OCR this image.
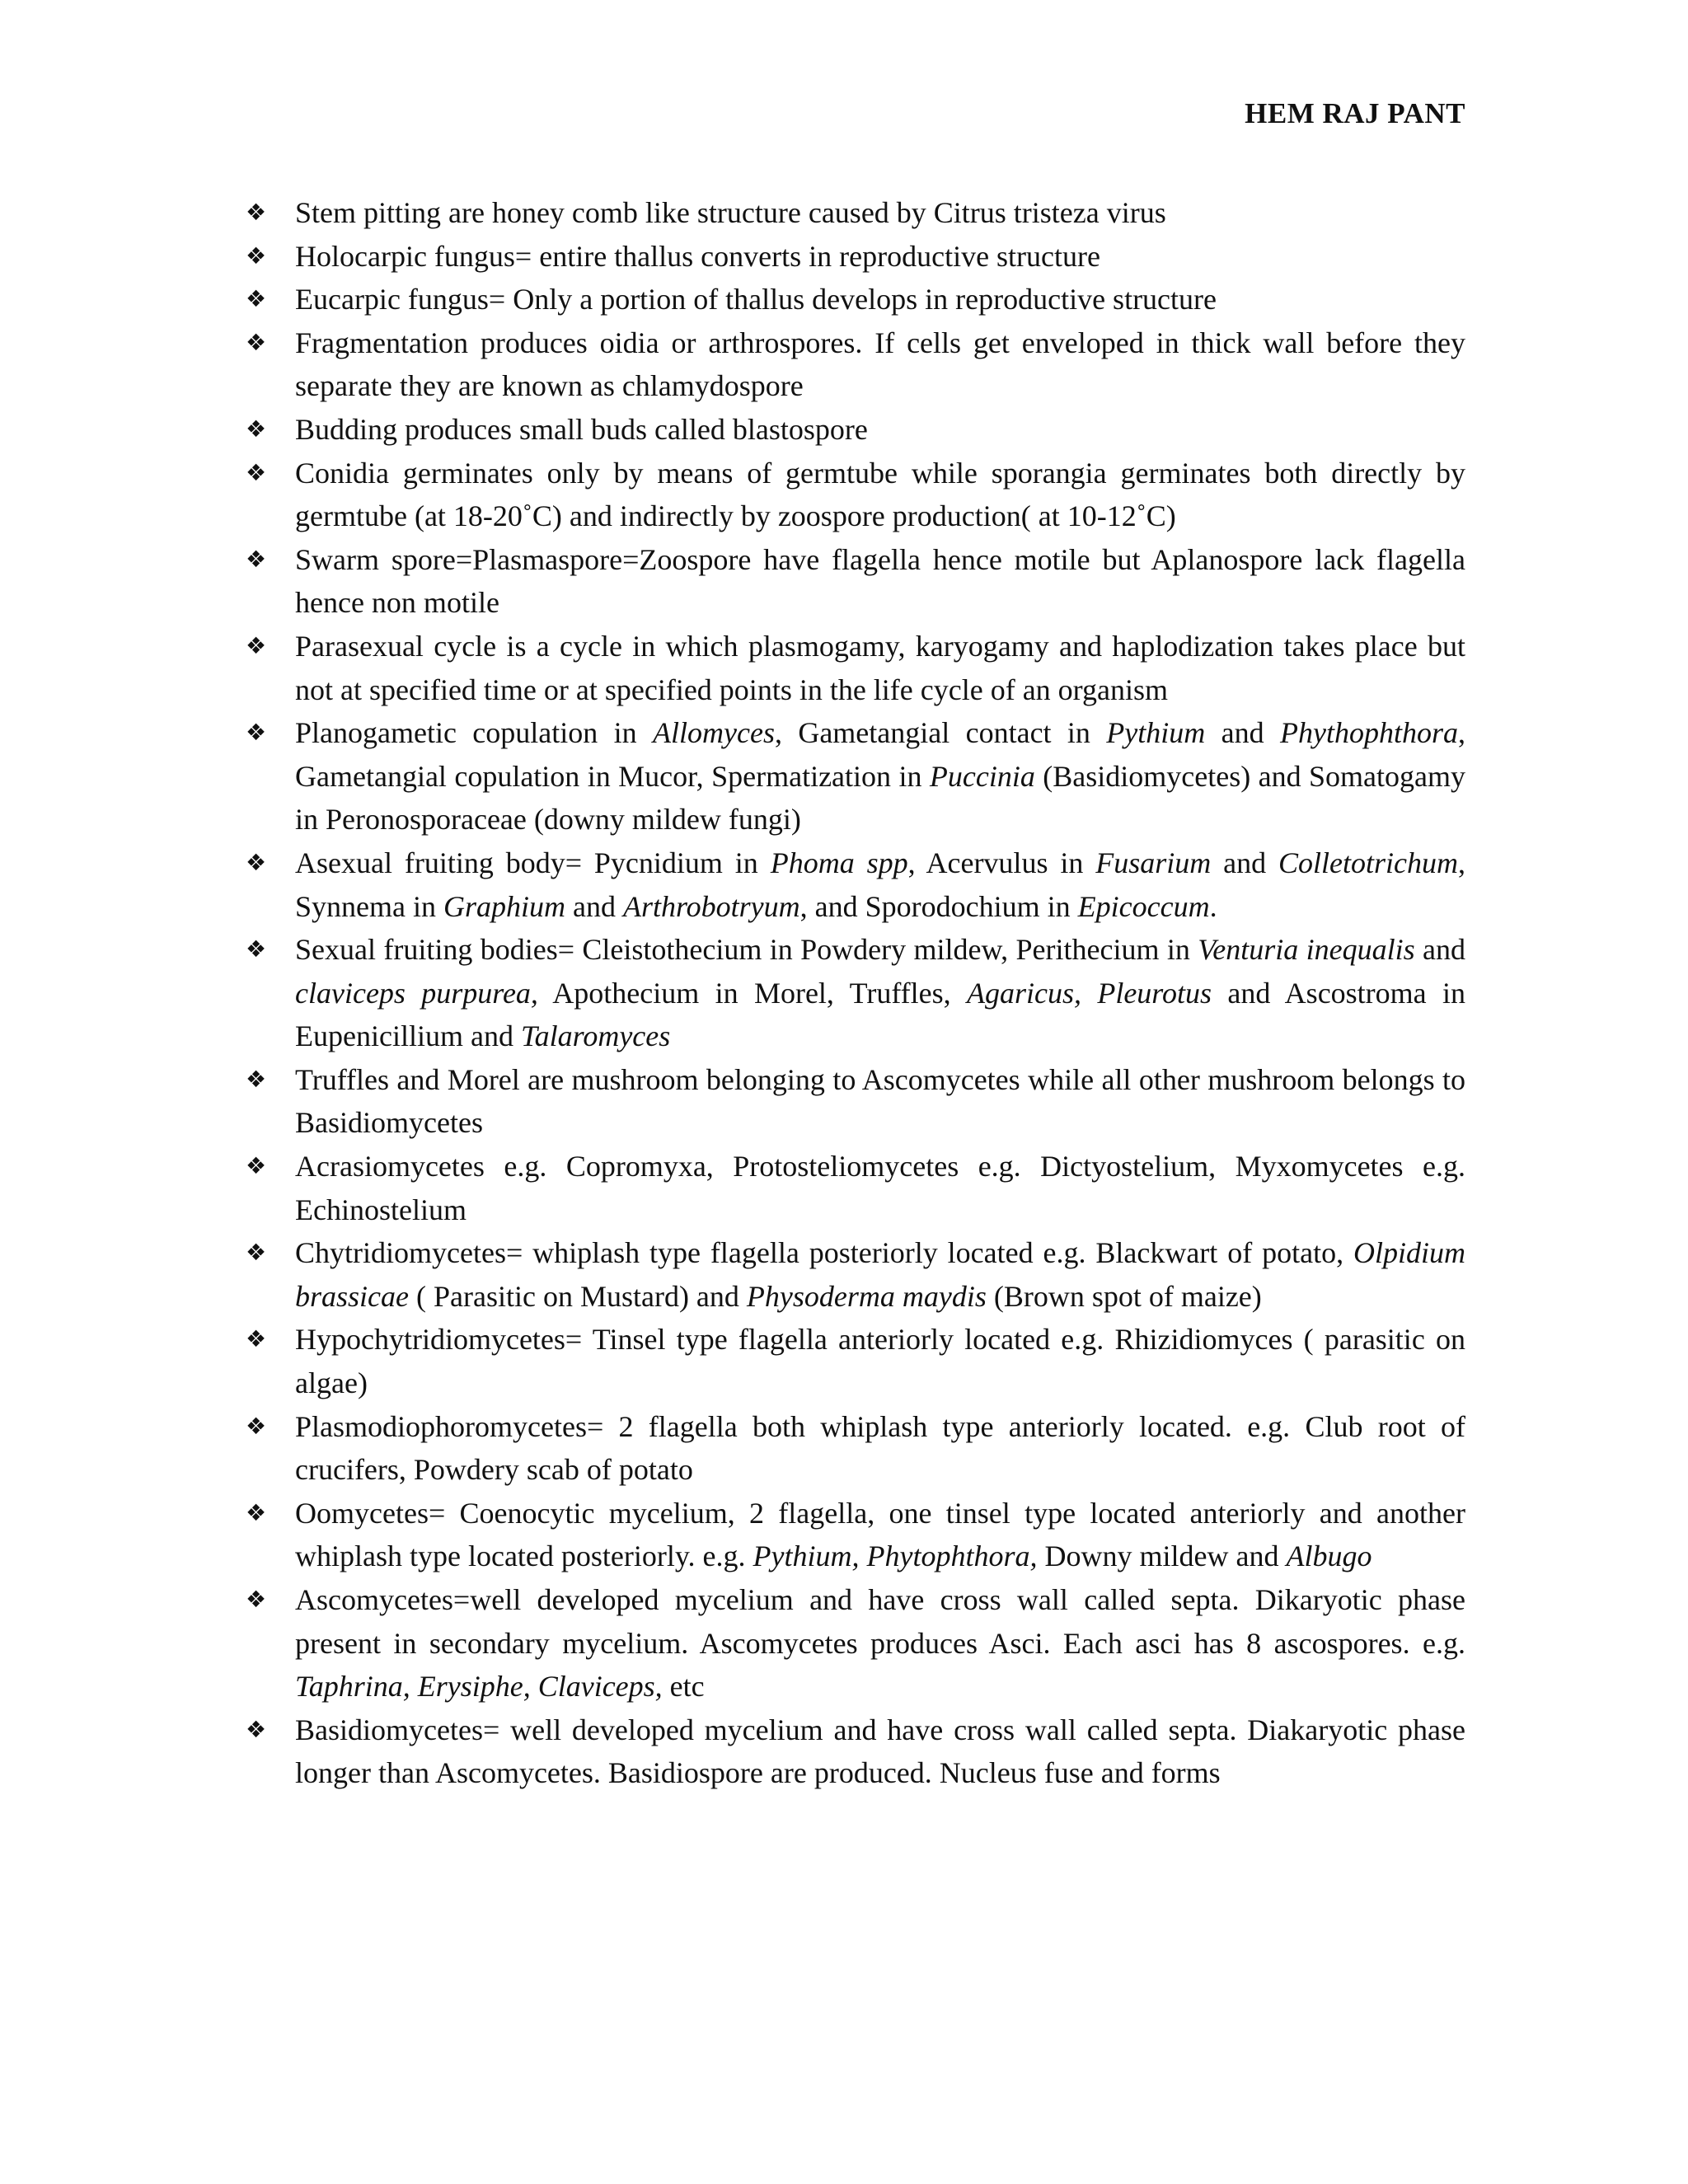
HEM RAJ PANT
❖ Stem pitting are honey comb like structure caused by Citrus tristeza virus
❖ Holocarpic fungus= entire thallus converts in reproductive structure
❖ Eucarpic fungus= Only a portion of thallus develops in reproductive structure
❖ Fragmentation produces oidia or arthrospores. If cells get enveloped in thick wall before they separate they are known as chlamydospore
❖ Budding produces small buds called blastospore
❖ Conidia germinates only by means of germtube while sporangia germinates both directly by germtube (at 18-20˚C) and indirectly by zoospore production( at 10-12˚C)
❖ Swarm spore=Plasmaspore=Zoospore have flagella hence motile but Aplanospore lack flagella hence non motile
❖ Parasexual cycle is a cycle in which plasmogamy, karyogamy and haplodization takes place but not at specified time or at specified points in the life cycle of an organism
❖ Planogametic copulation in Allomyces, Gametangial contact in Pythium and Phythophthora, Gametangial copulation in Mucor, Spermatization in Puccinia (Basidiomycetes) and Somatogamy in Peronosporaceae (downy mildew fungi)
❖ Asexual fruiting body= Pycnidium in Phoma spp, Acervulus in Fusarium and Colletotrichum, Synnema in Graphium and Arthrobotryum, and Sporodochium in Epicoccum.
❖ Sexual fruiting bodies= Cleistothecium in Powdery mildew, Perithecium in Venturia inequalis and claviceps purpurea, Apothecium in Morel, Truffles, Agaricus, Pleurotus and Ascostroma in Eupenicillium and Talaromyces
❖ Truffles and Morel are mushroom belonging to Ascomycetes while all other mushroom belongs to Basidiomycetes
❖ Acrasiomycetes e.g. Copromyxa, Protosteliomycetes e.g. Dictyostelium, Myxomycetes e.g. Echinostelium
❖ Chytridiomycetes= whiplash type flagella posteriorly located e.g. Blackwart of potato, Olpidium brassicae ( Parasitic on Mustard) and Physoderma maydis (Brown spot of maize)
❖ Hypochytridiomycetes= Tinsel type flagella anteriorly located e.g. Rhizidiomyces ( parasitic on algae)
❖ Plasmodiophoromycetes= 2 flagella both whiplash type anteriorly located. e.g. Club root of crucifers, Powdery scab of potato
❖ Oomycetes= Coenocytic mycelium, 2 flagella, one tinsel type located anteriorly and another whiplash type located posteriorly. e.g. Pythium, Phytophthora, Downy mildew and Albugo
❖ Ascomycetes=well developed mycelium and have cross wall called septa. Dikaryotic phase present in secondary mycelium. Ascomycetes produces Asci. Each asci has 8 ascospores. e.g. Taphrina, Erysiphe, Claviceps, etc
❖ Basidiomycetes= well developed mycelium and have cross wall called septa. Diakaryotic phase longer than Ascomycetes. Basidiospore are produced. Nucleus fuse and forms
